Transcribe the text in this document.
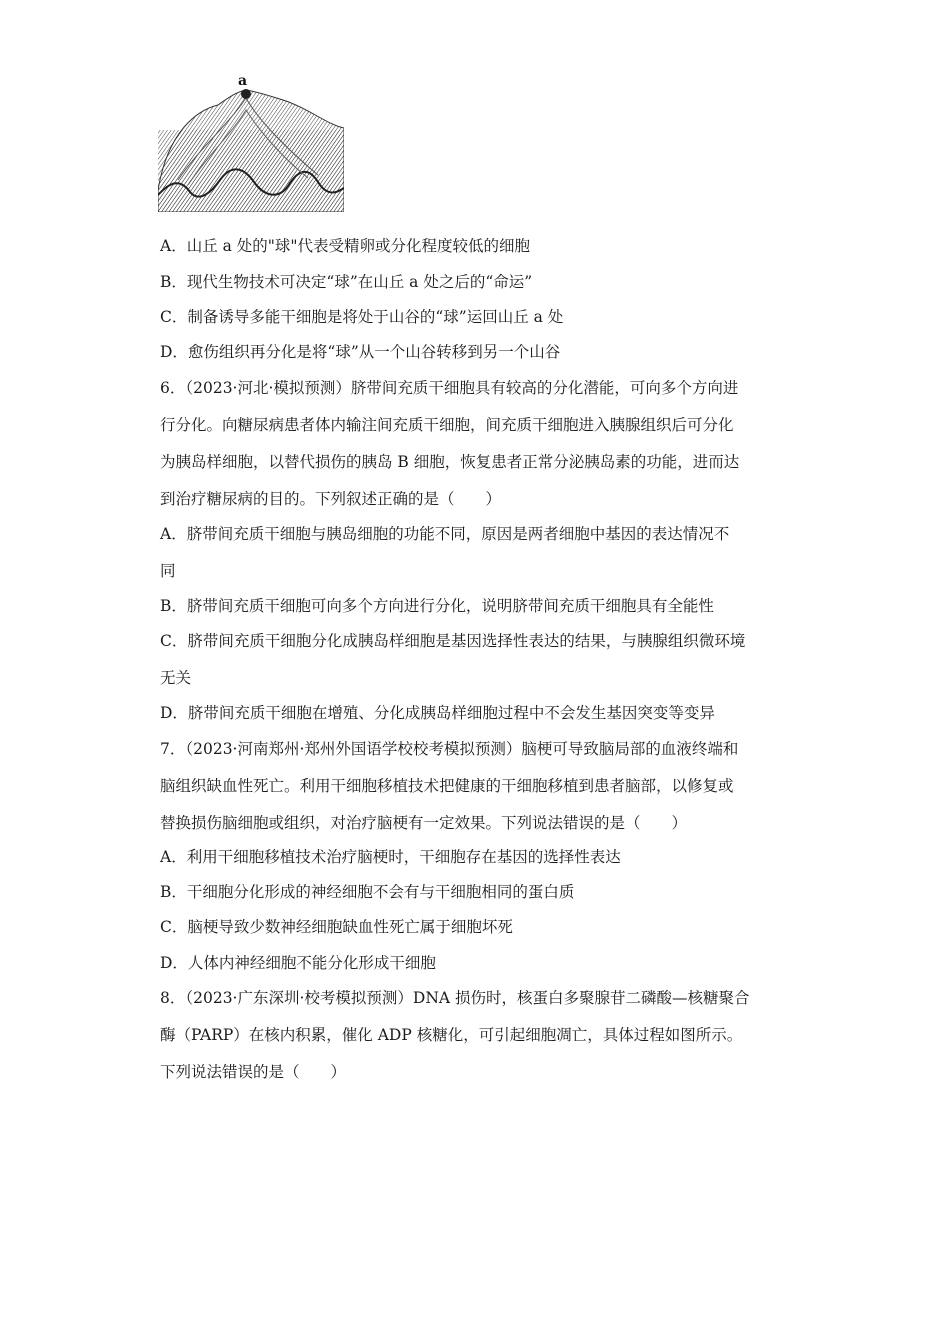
a
A．山丘 a 处的"球"代表受精卵或分化程度较低的细胞
B．现代生物技术可决定“球”在山丘 a 处之后的“命运”
C．制备诱导多能干细胞是将处于山谷的“球”运回山丘 a 处
D．愈伤组织再分化是将“球”从一个山谷转移到另一个山谷
6．（2023·河北·模拟预测）脐带间充质干细胞具有较高的分化潜能，可向多个方向进
行分化。向糖尿病患者体内输注间充质干细胞，间充质干细胞进入胰腺组织后可分化
为胰岛样细胞，以替代损伤的胰岛 B 细胞，恢复患者正常分泌胰岛素的功能，进而达
到治疗糖尿病的目的。下列叙述正确的是（　　）
A．脐带间充质干细胞与胰岛细胞的功能不同，原因是两者细胞中基因的表达情况不
同
B．脐带间充质干细胞可向多个方向进行分化，说明脐带间充质干细胞具有全能性
C．脐带间充质干细胞分化成胰岛样细胞是基因选择性表达的结果，与胰腺组织微环境
无关
D．脐带间充质干细胞在增殖、分化成胰岛样细胞过程中不会发生基因突变等变异
7．（2023·河南郑州·郑州外国语学校校考模拟预测）脑梗可导致脑局部的血液终端和
脑组织缺血性死亡。利用干细胞移植技术把健康的干细胞移植到患者脑部，以修复或
替换损伤脑细胞或组织，对治疗脑梗有一定效果。下列说法错误的是（　　）
A．利用干细胞移植技术治疗脑梗时，干细胞存在基因的选择性表达
B．干细胞分化形成的神经细胞不会有与干细胞相同的蛋白质
C．脑梗导致少数神经细胞缺血性死亡属于细胞坏死
D．人体内神经细胞不能分化形成干细胞
8．（2023·广东深圳·校考模拟预测）DNA 损伤时，核蛋白多聚腺苷二磷酸—核糖聚合
酶（PARP）在核内积累，催化 ADP 核糖化，可引起细胞凋亡，具体过程如图所示。
下列说法错误的是（　　）
